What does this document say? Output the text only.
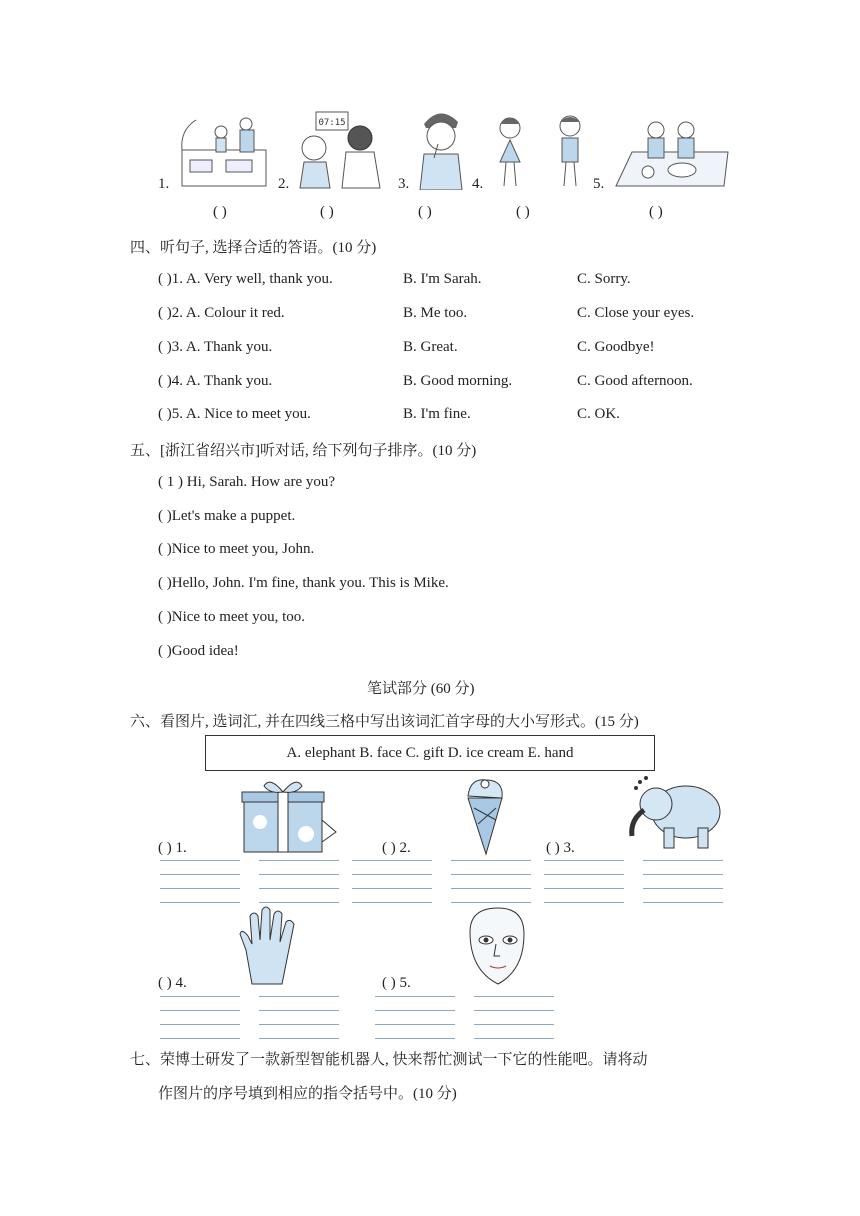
1.	2.
07:15
3.	4.	5.
( )	( )	( )	( )	( )
四、听句子, 选择合适的答语。(10 分)
( )1. A. Very well, thank you.	B. I'm Sarah.	C. Sorry.
( )2. A. Colour it red.	B. Me too.	C. Close your eyes.
( )3. A. Thank you.	B. Great.	C. Goodbye!
( )4. A. Thank you.	B. Good morning.	C. Good afternoon.
( )5. A. Nice to meet you.	B. I'm fine.	C. OK.
五、[浙江省绍兴市]听对话, 给下列句子排序。(10 分)
( 1 ) Hi, Sarah. How are you?
( )Let's make a puppet.
( )Nice to meet you, John.
( )Hello, John. I'm fine, thank you. This is Mike.
( )Nice to meet you, too.
( )Good idea!
笔试部分 (60 分)
六、看图片, 选词汇, 并在四线三格中写出该词汇首字母的大小写形式。(15 分)
A. elephant B. face C. gift D. ice cream E. hand
( ) 1.	( ) 2.	( ) 3.
( ) 4.	( ) 5.
七、荣博士研发了一款新型智能机器人, 快来帮忙测试一下它的性能吧。请将动
作图片的序号填到相应的指令括号中。(10 分)
